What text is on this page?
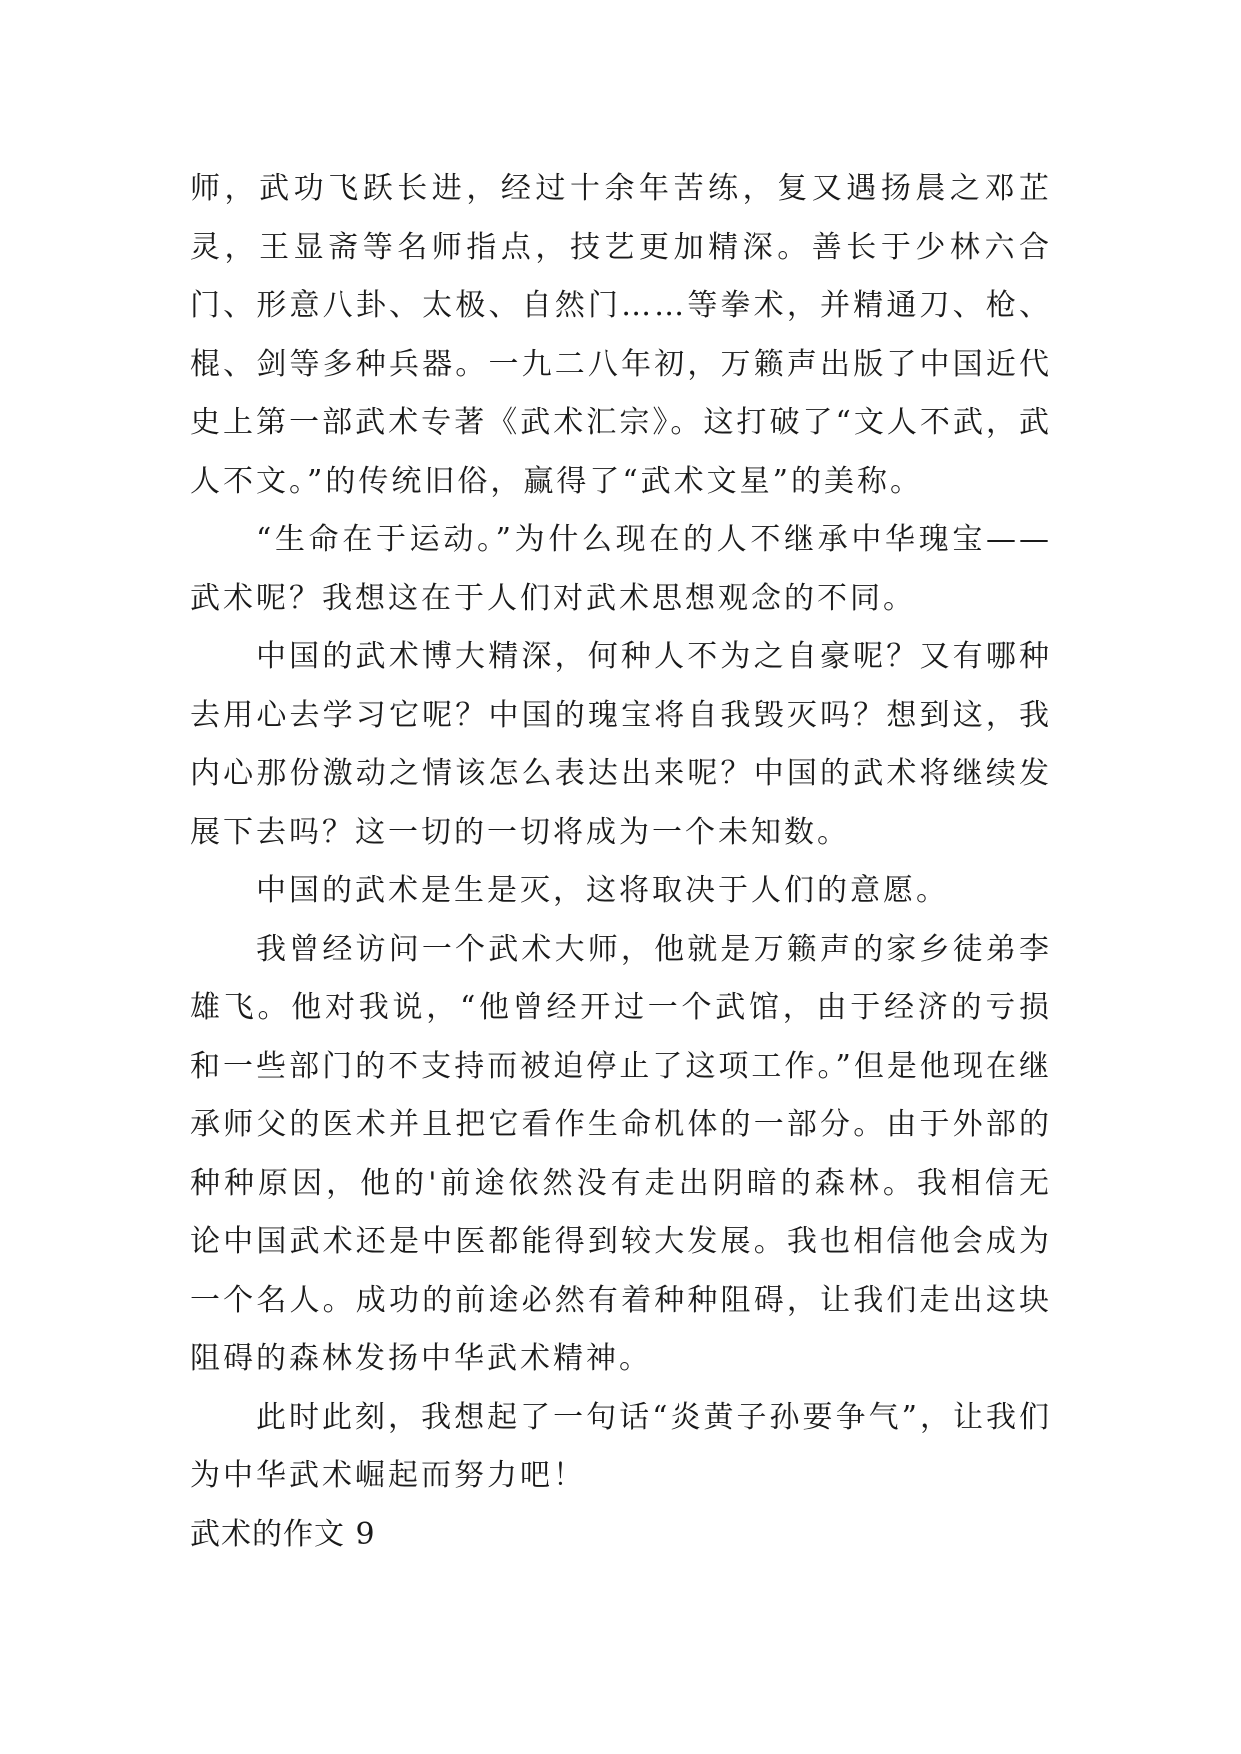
师，武功飞跃长进，经过十余年苦练，复又遇扬晨之邓芷灵，王显斋等名师指点，技艺更加精深。善长于少林六合门、形意八卦、太极、自然门……等拳术，并精通刀、枪、棍、剑等多种兵器。一九二八年初，万籁声出版了中国近代史上第一部武术专著《武术汇宗》。这打破了“文人不武，武人不文。”的传统旧俗，赢得了“武术文星”的美称。

“生命在于运动。”为什么现在的人不继承中华瑰宝——武术呢？我想这在于人们对武术思想观念的不同。

中国的武术博大精深，何种人不为之自豪呢？又有哪种去用心去学习它呢？中国的瑰宝将自我毁灭吗？想到这，我内心那份激动之情该怎么表达出来呢？中国的武术将继续发展下去吗？这一切的一切将成为一个未知数。

中国的武术是生是灭，这将取决于人们的意愿。

我曾经访问一个武术大师，他就是万籁声的家乡徒弟李雄飞。他对我说，“他曾经开过一个武馆，由于经济的亏损和一些部门的不支持而被迫停止了这项工作。”但是他现在继承师父的医术并且把它看作生命机体的一部分。由于外部的种种原因，他的'前途依然没有走出阴暗的森林。我相信无论中国武术还是中医都能得到较大发展。我也相信他会成为一个名人。成功的前途必然有着种种阻碍，让我们走出这块阻碍的森林发扬中华武术精神。

此时此刻，我想起了一句话“炎黄子孙要争气”，让我们为中华武术崛起而努力吧！

武术的作文 9
